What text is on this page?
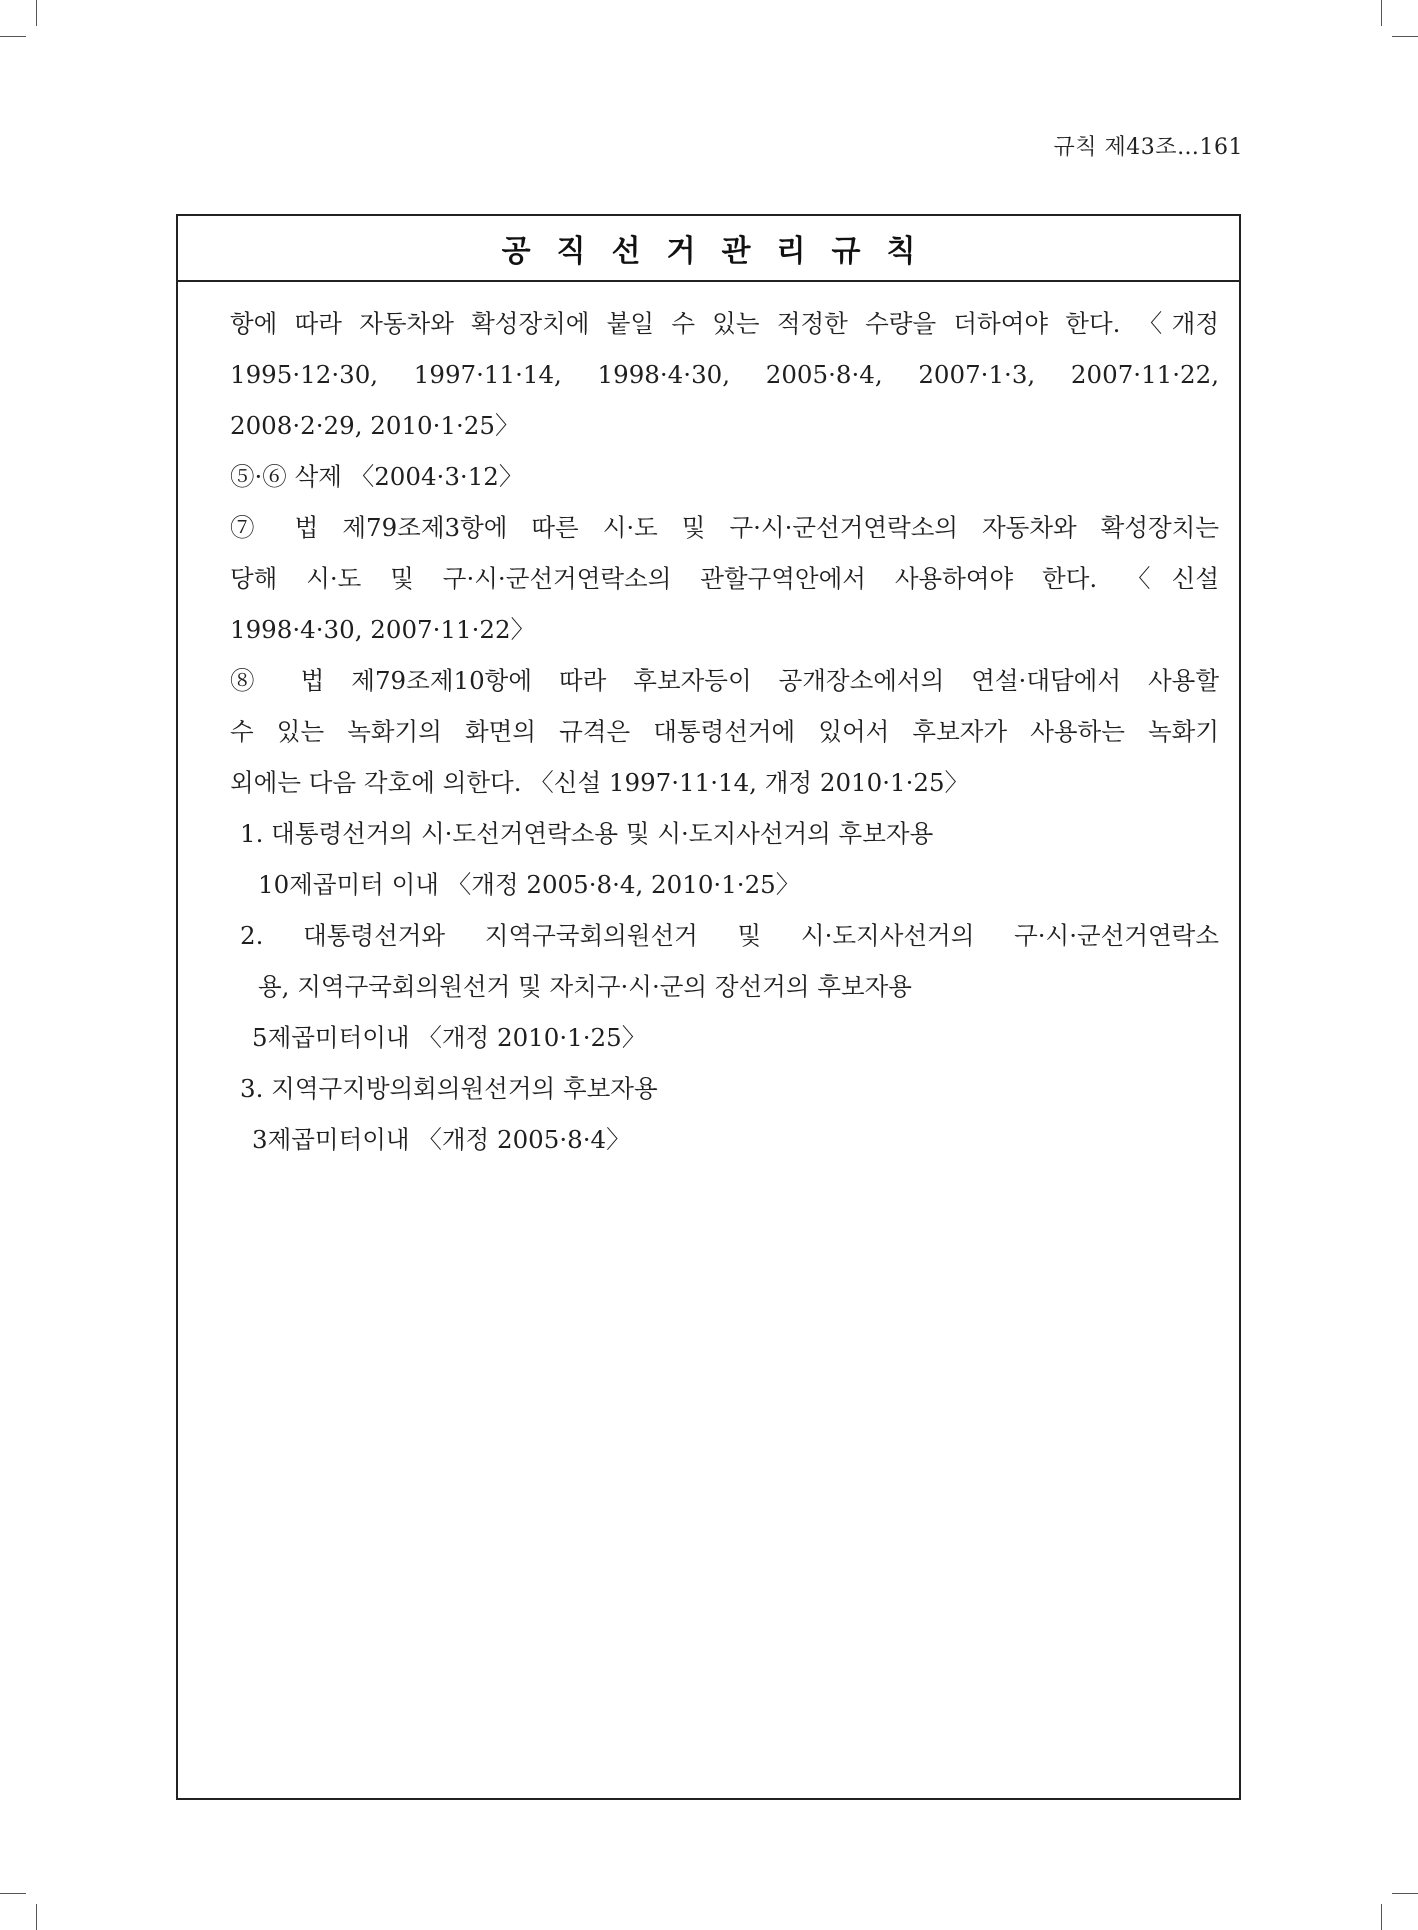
규칙 제43조…161
공직선거관리규칙
항에 따라 자동차와 확성장치에 붙일 수 있는 적정한 수량을 더하여야 한다. 〈개정
1995·12·30, 1997·11·14, 1998·4·30, 2005·8·4, 2007·1·3, 2007·11·22,
2008·2·29, 2010·1·25〉
⑤·⑥ 삭제 〈2004·3·12〉
⑦ 법 제79조제3항에 따른 시·도 및 구·시·군선거연락소의 자동차와 확성장치는
당해 시·도 및 구·시·군선거연락소의 관할구역안에서 사용하여야 한다. 〈신설
1998·4·30, 2007·11·22〉
⑧ 법 제79조제10항에 따라 후보자등이 공개장소에서의 연설·대담에서 사용할
수 있는 녹화기의 화면의 규격은 대통령선거에 있어서 후보자가 사용하는 녹화기
외에는 다음 각호에 의한다. 〈신설 1997·11·14, 개정 2010·1·25〉
1. 대통령선거의 시·도선거연락소용 및 시·도지사선거의 후보자용
10제곱미터 이내 〈개정 2005·8·4, 2010·1·25〉
2. 대통령선거와 지역구국회의원선거 및 시·도지사선거의 구·시·군선거연락소
용, 지역구국회의원선거 및 자치구·시·군의 장선거의 후보자용
5제곱미터이내 〈개정 2010·1·25〉
3. 지역구지방의회의원선거의 후보자용
3제곱미터이내 〈개정 2005·8·4〉
